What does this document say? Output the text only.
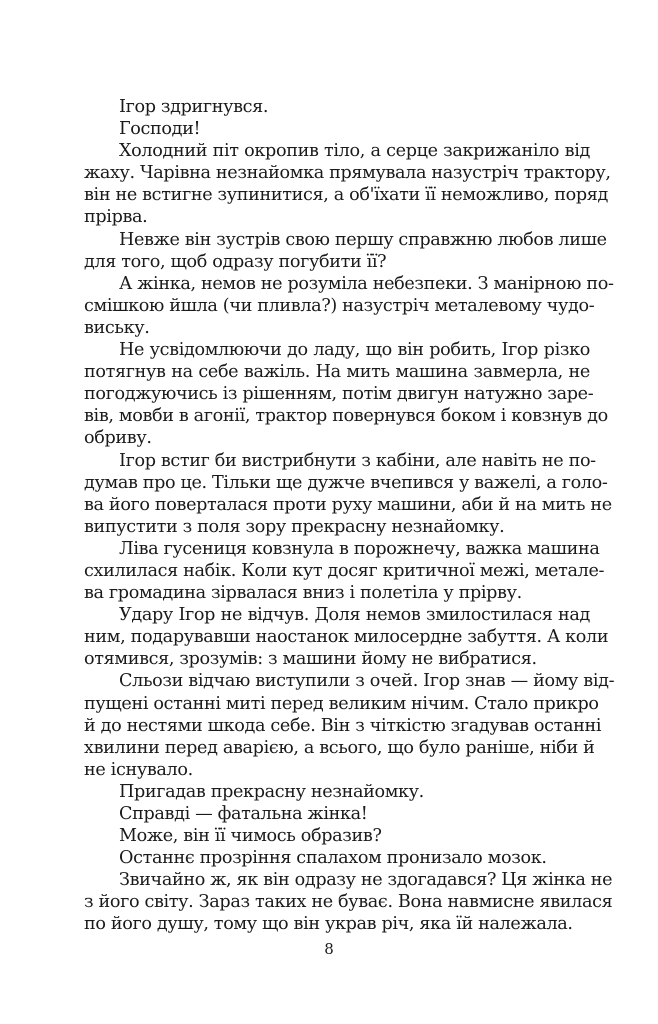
Ігор здригнувся.
Господи!
Холодний піт окропив тіло, а серце закрижаніло від
жаху. Чарівна незнайомка прямувала назустріч трактору,
він не встигне зупинитися, а об'їхати її неможливо, поряд
прірва.
Невже він зустрів свою першу справжню любов лише
для того, щоб одразу погубити її?
А жінка, немов не розуміла небезпеки. З манірною по-
смішкою йшла (чи пливла?) назустріч металевому чудо-
виську.
Не усвідомлюючи до ладу, що він робить, Ігор різко
потягнув на себе важіль. На мить машина завмерла, не
погоджуючись із рішенням, потім двигун натужно заре-
вів, мовби в агонії, трактор повернувся боком і ковзнув до
обриву.
Ігор встиг би вистрибнути з кабіни, але навіть не по-
думав про це. Тільки ще дужче вчепився у важелі, а голо-
ва його поверталася проти руху машини, аби й на мить не
випустити з поля зору прекрасну незнайомку.
Ліва гусениця ковзнула в порожнечу, важка машина
схилилася набік. Коли кут досяг критичної межі, металe-
ва громадина зірвалася вниз і полетіла у прірву.
Удару Ігор не відчув. Доля немов змилостилася над
ним, подарувавши наостанок милосердне забуття. А коли
отямився, зрозумів: з машини йому не вибратися.
Сльози відчаю виступили з очей. Ігор знав — йому від-
пущені останні миті перед великим нічим. Стало прикро
й до нестями шкода себе. Він з чіткістю згадував останні
хвилини перед аварією, а всього, що було раніше, ніби й
не існувало.
Пригадав прекрасну незнайомку.
Справді — фатальна жінка!
Може, він її чимось образив?
Останнє прозріння спалахом пронизало мозок.
Звичайно ж, як він одразу не здогадався? Ця жінка не
з його світу. Зараз таких не буває. Вона навмисне явилася
по його душу, тому що він украв річ, яка їй належала.
8
